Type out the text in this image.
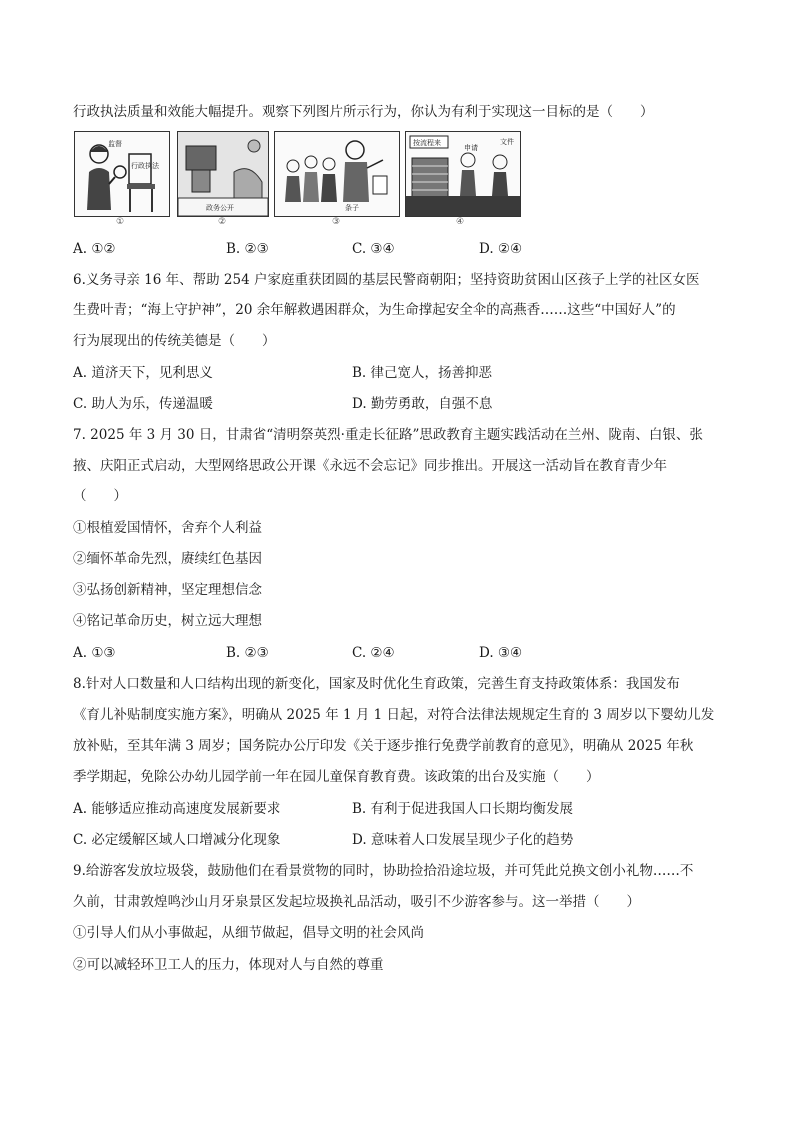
行政执法质量和效能大幅提升。观察下列图片所示行为，你认为有利于实现这一目标的是（　　）
监督
行政执法
①
政务公开
②
条子
③
按流程来
申请
文件
④
A. ①②	B. ②③	C. ③④	D. ②④
6.义务寻亲 16 年、帮助 254 户家庭重获团圆的基层民警商朝阳；坚持资助贫困山区孩子上学的社区女医
生费叶青；“海上守护神”，20 余年解救遇困群众，为生命撑起安全伞的高燕香……这些“中国好人”的
行为展现出的传统美德是（　　）
A. 道济天下，见利思义	B. 律己宽人，扬善抑恶
C. 助人为乐，传递温暖	D. 勤劳勇敢，自强不息
7. 2025 年 3 月 30 日，甘肃省“清明祭英烈·重走长征路”思政教育主题实践活动在兰州、陇南、白银、张
掖、庆阳正式启动，大型网络思政公开课《永远不会忘记》同步推出。开展这一活动旨在教育青少年
（　　）
①根植爱国情怀，舍弃个人利益
②缅怀革命先烈，赓续红色基因
③弘扬创新精神，坚定理想信念
④铭记革命历史，树立远大理想
A. ①③	B. ②③	C. ②④	D. ③④
8.针对人口数量和人口结构出现的新变化，国家及时优化生育政策，完善生育支持政策体系：我国发布
《育儿补贴制度实施方案》，明确从 2025 年 1 月 1 日起，对符合法律法规规定生育的 3 周岁以下婴幼儿发
放补贴，至其年满 3 周岁；国务院办公厅印发《关于逐步推行免费学前教育的意见》，明确从 2025 年秋
季学期起，免除公办幼儿园学前一年在园儿童保育教育费。该政策的出台及实施（　　）
A. 能够适应推动高速度发展新要求	B. 有利于促进我国人口长期均衡发展
C. 必定缓解区域人口增减分化现象	D. 意味着人口发展呈现少子化的趋势
9.给游客发放垃圾袋，鼓励他们在看景赏物的同时，协助捡拾沿途垃圾，并可凭此兑换文创小礼物……不
久前，甘肃敦煌鸣沙山月牙泉景区发起垃圾换礼品活动，吸引不少游客参与。这一举措（　　）
①引导人们从小事做起，从细节做起，倡导文明的社会风尚
②可以减轻环卫工人的压力，体现对人与自然的尊重
